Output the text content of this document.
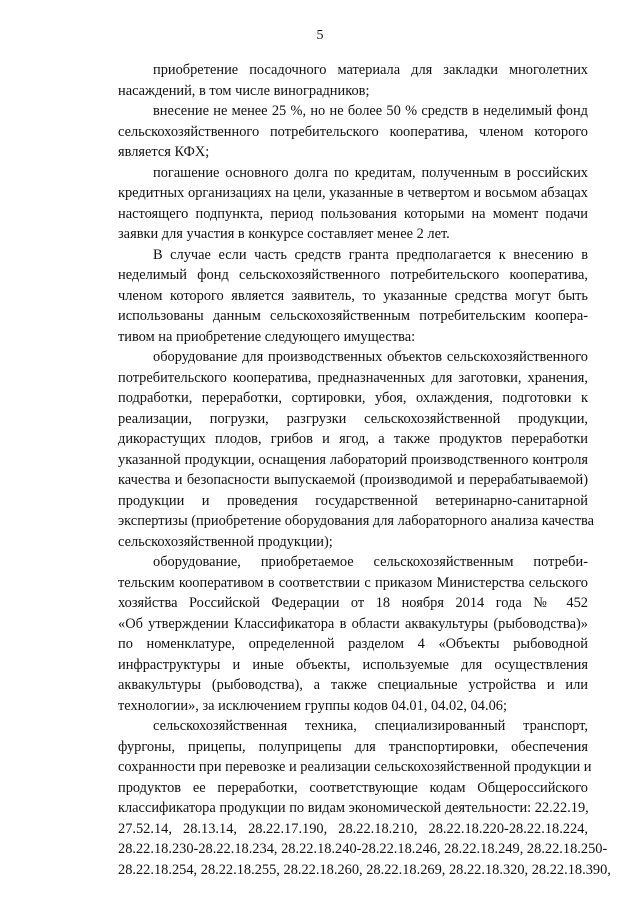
5
приобретение посадочного материала для закладки многолетних
насаждений, в том числе виноградников;
внесение не менее 25 %, но не более 50 % средств в неделимый фонд
сельскохозяйственного потребительского кооператива, членом которого
является КФХ;
погашение основного долга по кредитам, полученным в российских
кредитных организациях на цели, указанные в четвертом и восьмом абзацах
настоящего подпункта, период пользования которыми на момент подачи
заявки для участия в конкурсе составляет менее 2 лет.
В случае если часть средств гранта предполагается к внесению в
неделимый фонд сельскохозяйственного потребительского кооператива,
членом которого является заявитель, то указанные средства могут быть
использованы данным сельскохозяйственным потребительским коопера-
тивом на приобретение следующего имущества:
оборудование для производственных объектов сельскохозяйственного
потребительского кооператива, предназначенных для заготовки, хранения,
подработки, переработки, сортировки, убоя, охлаждения, подготовки к
реализации, погрузки, разгрузки сельскохозяйственной продукции,
дикорастущих плодов, грибов и ягод, а также продуктов переработки
указанной продукции, оснащения лабораторий производственного контроля
качества и безопасности выпускаемой (производимой и перерабатываемой)
продукции и проведения государственной ветеринарно-санитарной
экспертизы (приобретение оборудования для лабораторного анализа качества
сельскохозяйственной продукции);
оборудование, приобретаемое сельскохозяйственным потреби-
тельским кооперативом в соответствии с приказом Министерства сельского
хозяйства Российской Федерации от 18 ноября 2014 года № 452
«Об утверждении Классификатора в области аквакультуры (рыбоводства)»
по номенклатуре, определенной разделом 4 «Объекты рыбоводной
инфраструктуры и иные объекты, используемые для осуществления
аквакультуры (рыбоводства), а также специальные устройства и или
технологии», за исключением группы кодов 04.01, 04.02, 04.06;
сельскохозяйственная техника, специализированный транспорт,
фургоны, прицепы, полуприцепы для транспортировки, обеспечения
сохранности при перевозке и реализации сельскохозяйственной продукции и
продуктов ее переработки, соответствующие кодам Общероссийского
классификатора продукции по видам экономической деятельности: 22.22.19,
27.52.14, 28.13.14, 28.22.17.190, 28.22.18.210, 28.22.18.220-28.22.18.224,
28.22.18.230-28.22.18.234, 28.22.18.240-28.22.18.246, 28.22.18.249, 28.22.18.250-
28.22.18.254, 28.22.18.255, 28.22.18.260, 28.22.18.269, 28.22.18.320, 28.22.18.390,
